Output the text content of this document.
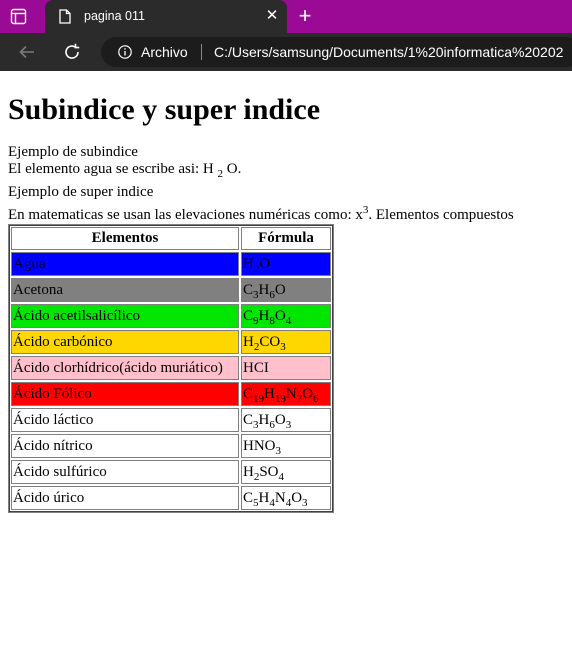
pagina 011	✕ +
Archivo C:/Users/samsung/Documents/1%20informatica%20202
Subindice y super indice

Ejemplo de subindice

El elemento agua se escribe asi: H $_2$ O.

Ejemplo de super indice

En matematicas se usan las elevaciones numéricas como: $x^3$. Elementos compuestos

Elementos	Fórmula
Agua	$H_2O$
Acetona	$C_3H_6O$
Ácido acetilsalicílico	$C_9H_8O_4$
Ácido carbónico	$H_2CO_3$
Ácido clorhídrico(ácido muriático)	HCI
Ácido Fólico	$C_{19}H_{19}N_7O_6$
Ácido láctico	$C_3H_6O_3$
Ácido nítrico	$HNO_3$
Ácido sulfúrico	$H_2SO_4$
Ácido úrico	$C_5H_4N_4O_3$
